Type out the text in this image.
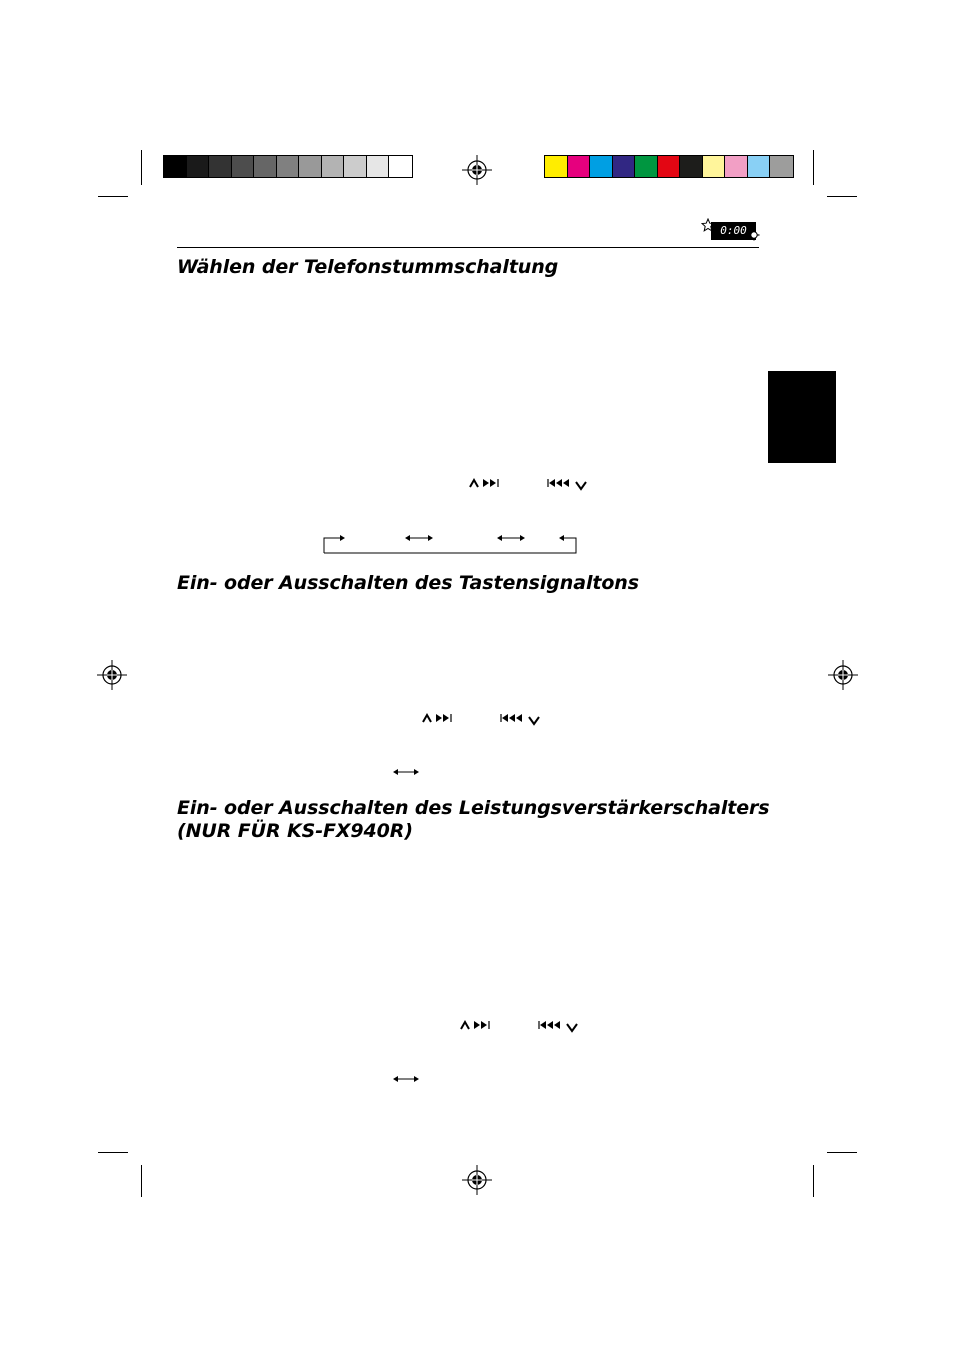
0:00
Wählen der Telefonstummschaltung
Ein- oder Ausschalten des Tastensignaltons
Ein- oder Ausschalten des Leistungsverstärkerschalters
(NUR FÜR KS-FX940R)
